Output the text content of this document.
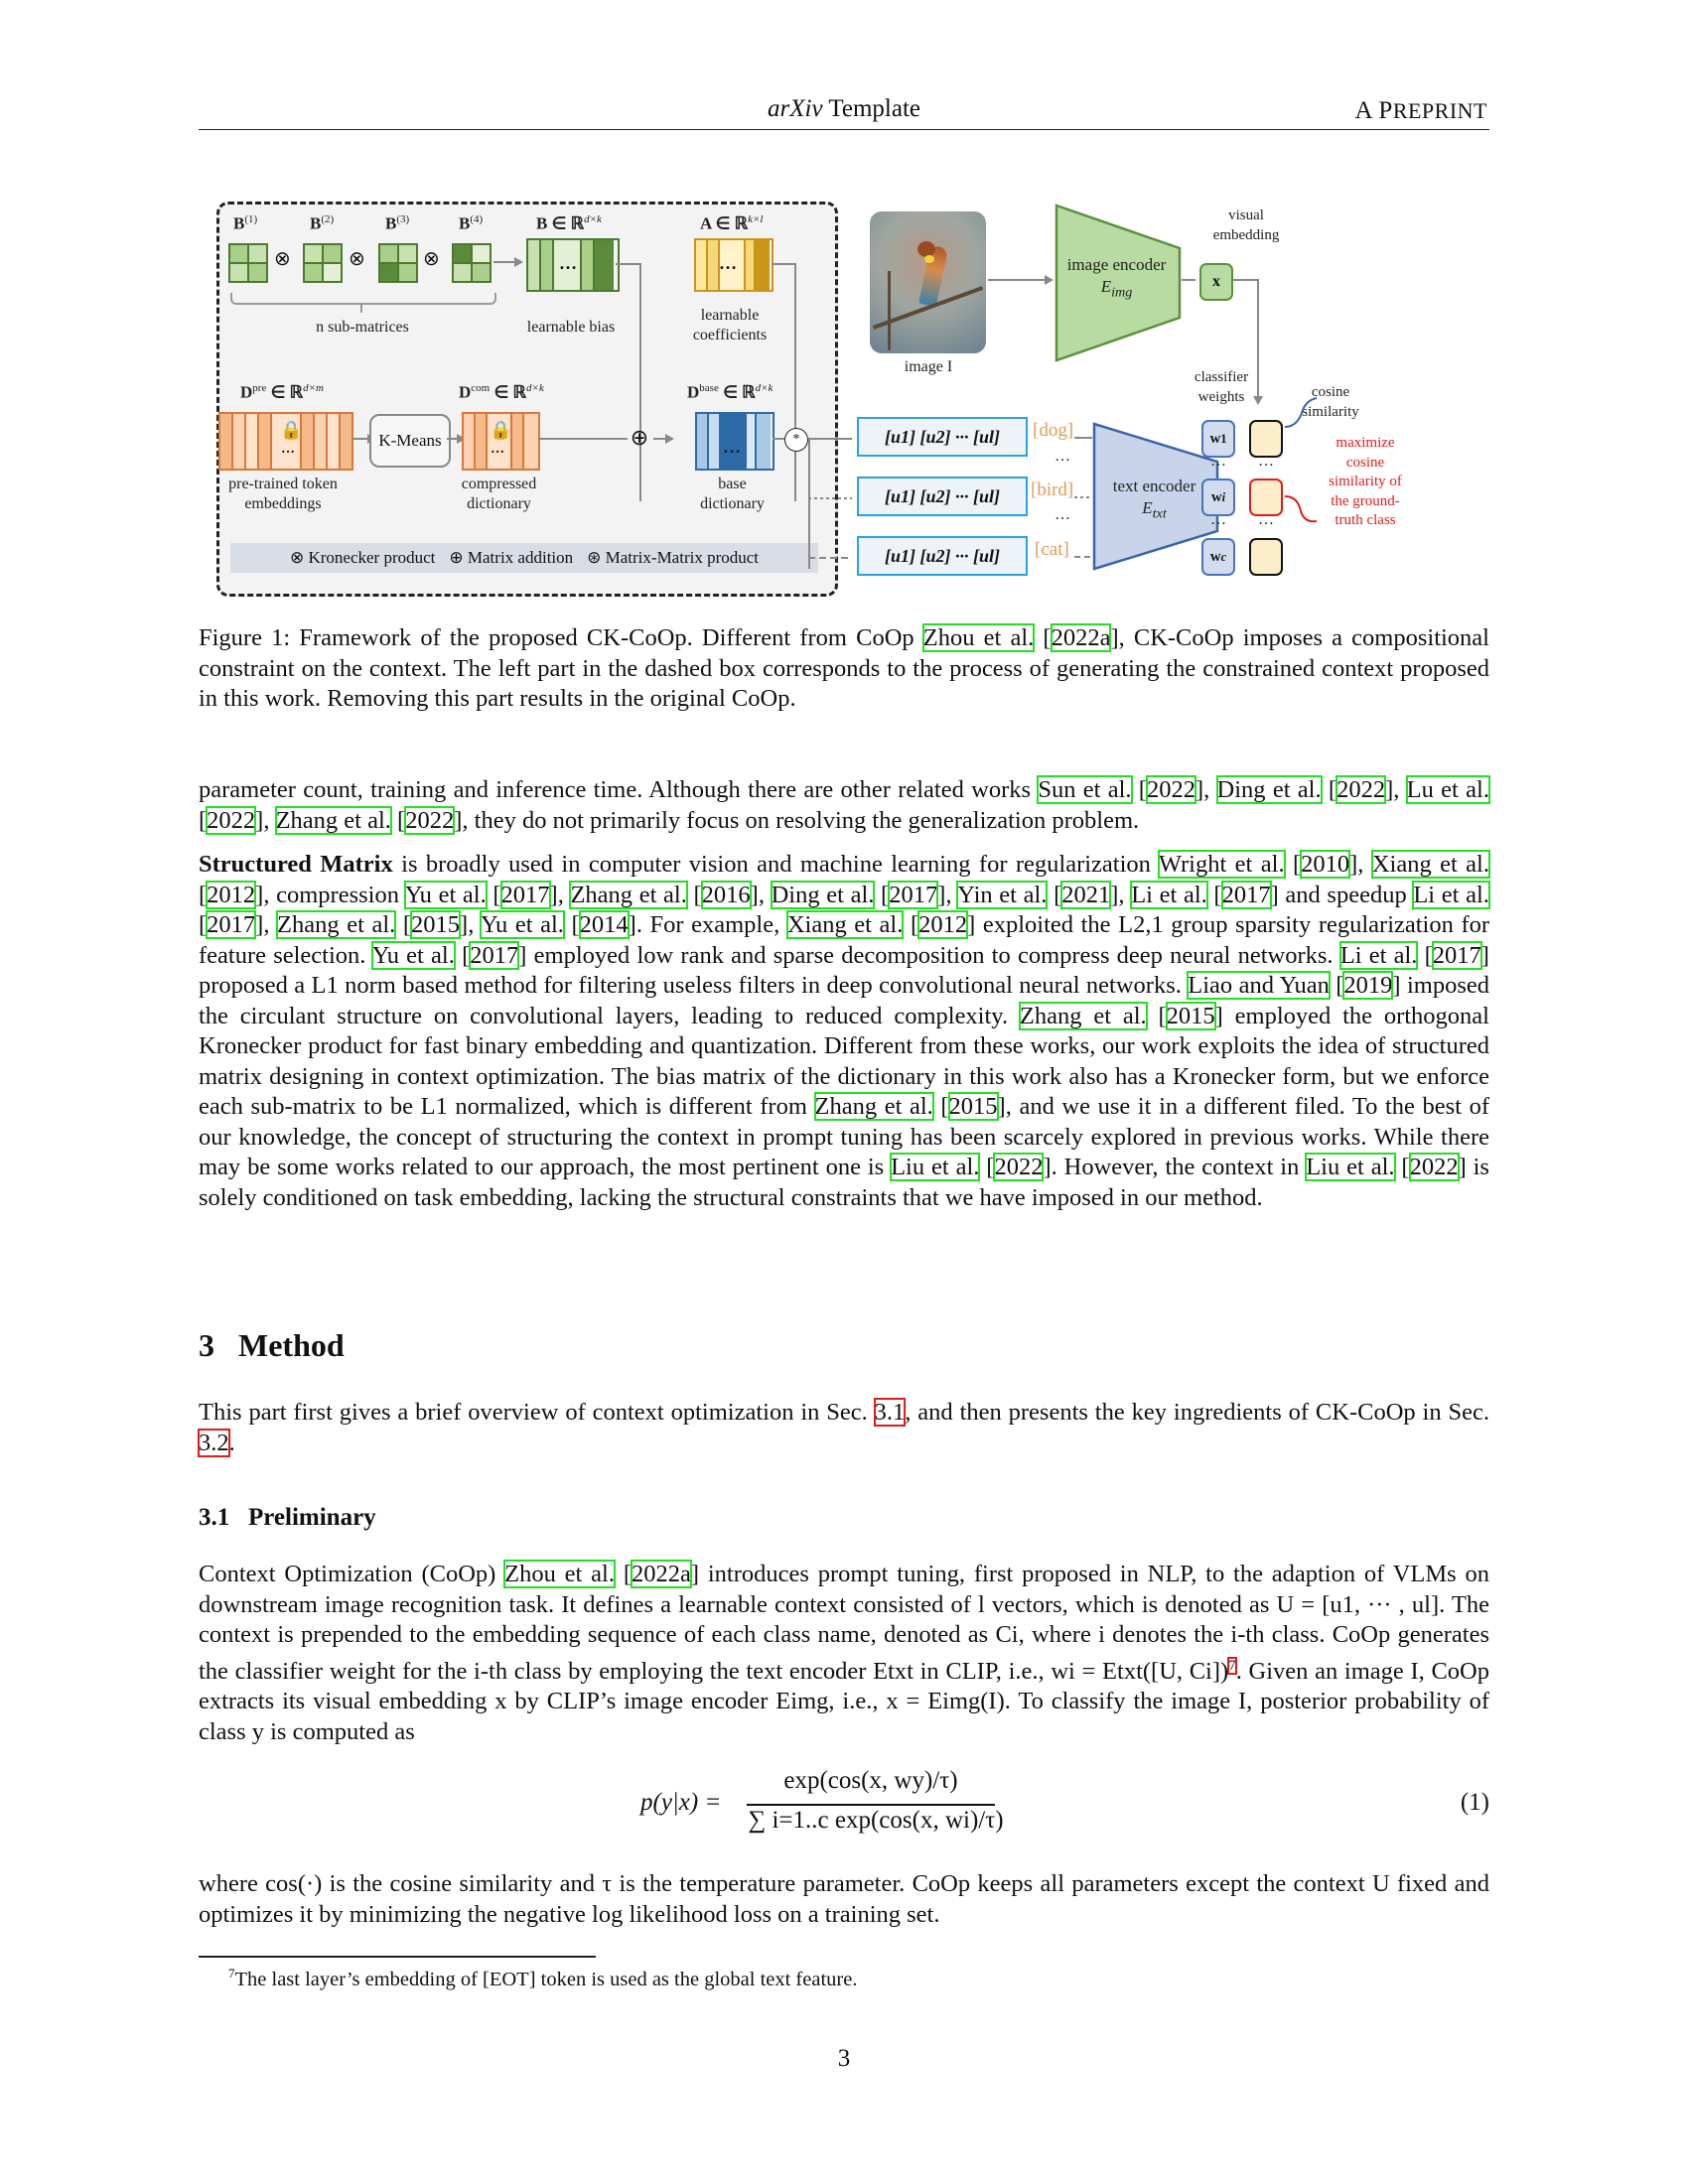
arXiv Template	A PREPRINT
$B^{(1)}$	$B^{(2)}$	$B^{(3)}$	$B^{(4)}$
⊗	⊗	⊗
n sub-matrices
B ∈ ℝ$^{d\times k}$
…
learnable bias
A ∈ ℝ$^{k\times l}$
…
learnable coefficients
$D^{pre}$ ∈ ℝ$^{d\times m}$
🔒
…
pre-trained token embeddings
K-Means
$D^{com}$ ∈ ℝ$^{d\times k}$
🔒
…
compressed dictionary
⊕
$D^{base}$ ∈ ℝ$^{d\times k}$
…
base dictionary
*
⊗ Kronecker product ⊕ Matrix addition ⊛ Matrix-Matrix product
image I
image encoder
$E_{img}$
visual embedding
x
classifier weights	cosine similarity
[u1] [u2] ··· [ul]	[dog]
…
[u1] [u2] ··· [ul]	[bird]
…
[u1] [u2] ··· [ul]	[cat]
text encoder
$E_{txt}$
w 1
…
w i
…
w c
…
…
maximize cosine similarity of the ground-truth class
Figure 1: Framework of the proposed CK-CoOp. Different from CoOp Zhou et al. [2022a], CK-CoOp imposes a compositional constraint on the context. The left part in the dashed box corresponds to the process of generating the constrained context proposed in this work. Removing this part results in the original CoOp.
parameter count, training and inference time. Although there are other related works Sun et al. [2022], Ding et al. [2022], Lu et al. [2022], Zhang et al. [2022], they do not primarily focus on resolving the generalization problem.
Structured Matrix is broadly used in computer vision and machine learning for regularization Wright et al. [2010], Xiang et al. [2012], compression Yu et al. [2017], Zhang et al. [2016], Ding et al. [2017], Yin et al. [2021], Li et al. [2017] and speedup Li et al. [2017], Zhang et al. [2015], Yu et al. [2014]. For example, Xiang et al. [2012] exploited the L2,1 group sparsity regularization for feature selection. Yu et al. [2017] employed low rank and sparse decomposition to compress deep neural networks. Li et al. [2017] proposed a L1 norm based method for filtering useless filters in deep convolutional neural networks. Liao and Yuan [2019] imposed the circulant structure on convolutional layers, leading to reduced complexity. Zhang et al. [2015] employed the orthogonal Kronecker product for fast binary embedding and quantization. Different from these works, our work exploits the idea of structured matrix designing in context optimization. The bias matrix of the dictionary in this work also has a Kronecker form, but we enforce each sub-matrix to be L1 normalized, which is different from Zhang et al. [2015], and we use it in a different filed. To the best of our knowledge, the concept of structuring the context in prompt tuning has been scarcely explored in previous works. While there may be some works related to our approach, the most pertinent one is Liu et al. [2022]. However, the context in Liu et al. [2022] is solely conditioned on task embedding, lacking the structural constraints that we have imposed in our method.
3 Method
This part first gives a brief overview of context optimization in Sec. 3.1, and then presents the key ingredients of CK-CoOp in Sec. 3.2.
3.1 Preliminary
Context Optimization (CoOp) Zhou et al. [2022a] introduces prompt tuning, first proposed in NLP, to the adaption of VLMs on downstream image recognition task. It defines a learnable context consisted of l vectors, which is denoted as U = [u1, ··· , ul]. The context is prepended to the embedding sequence of each class name, denoted as Ci, where i denotes the i-th class. CoOp generates the classifier weight for the i-th class by employing the text encoder Etxt in CLIP, i.e., wi = Etxt([U, Ci])$^7$. Given an image I, CoOp extracts its visual embedding x by CLIP’s image encoder Eimg, i.e., x = Eimg(I). To classify the image I, posterior probability of class y is computed as
p(y|x) =
exp(cos(x, wy)/τ)
∑ i=1..c exp(cos(x, wi)/τ)
(1)
where cos(·) is the cosine similarity and τ is the temperature parameter. CoOp keeps all parameters except the context U fixed and optimizes it by minimizing the negative log likelihood loss on a training set.
$^7$The last layer’s embedding of [EOT] token is used as the global text feature.
3
